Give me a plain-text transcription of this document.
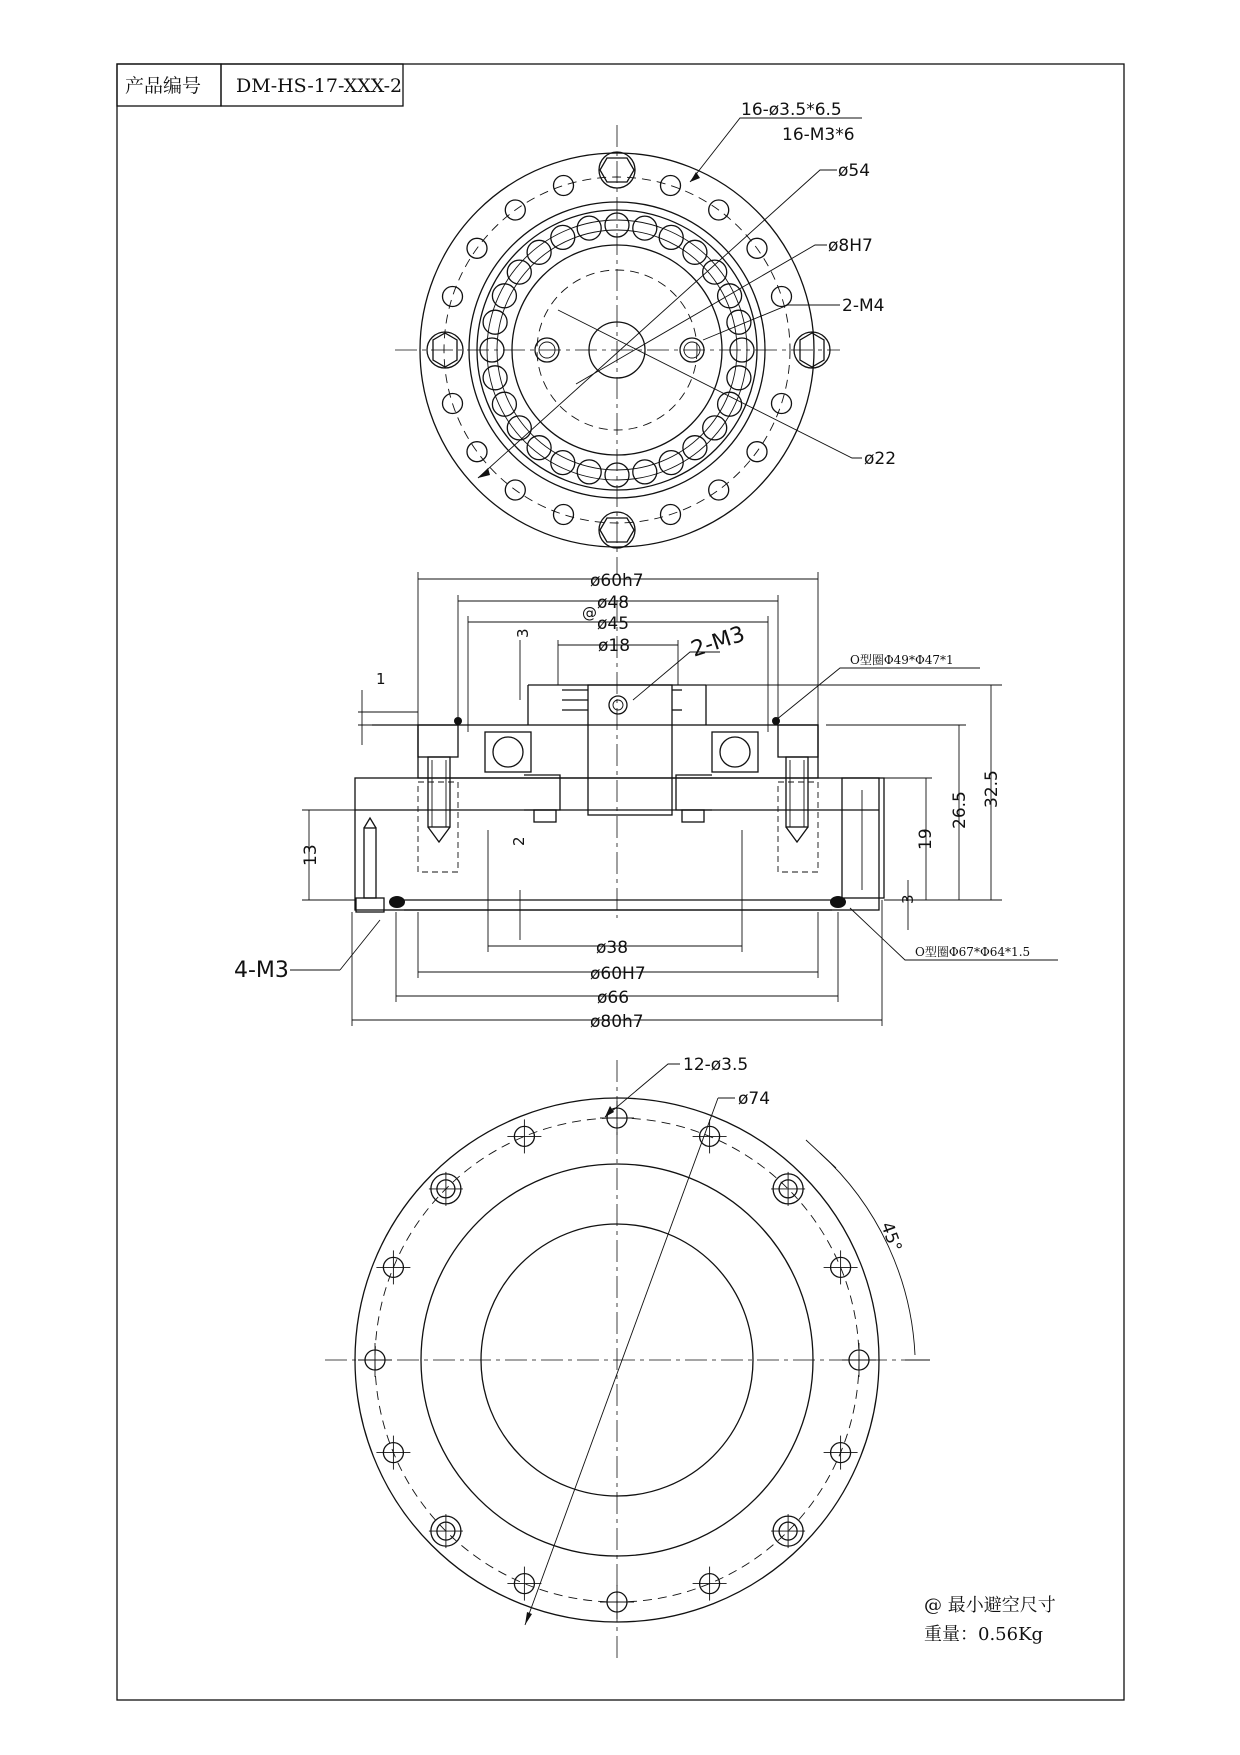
产品编号 DM-HS-17-XXX-2
16-ø3.5*6.5
16-M3*6
ø54
ø8H7
2-M4
ø22
ø60h7
ø48
@
ø45
ø18
3	2-M3	O型圈Φ49*Φ47*1
1
13
2	19
26.5
32.5
3
ø38
ø60H7
ø66
ø80h7
4-M3
O型圈Φ67*Φ64*1.5
12-ø3.5
ø74
45°
@ 最小避空尺寸
重量：0.56Kg
